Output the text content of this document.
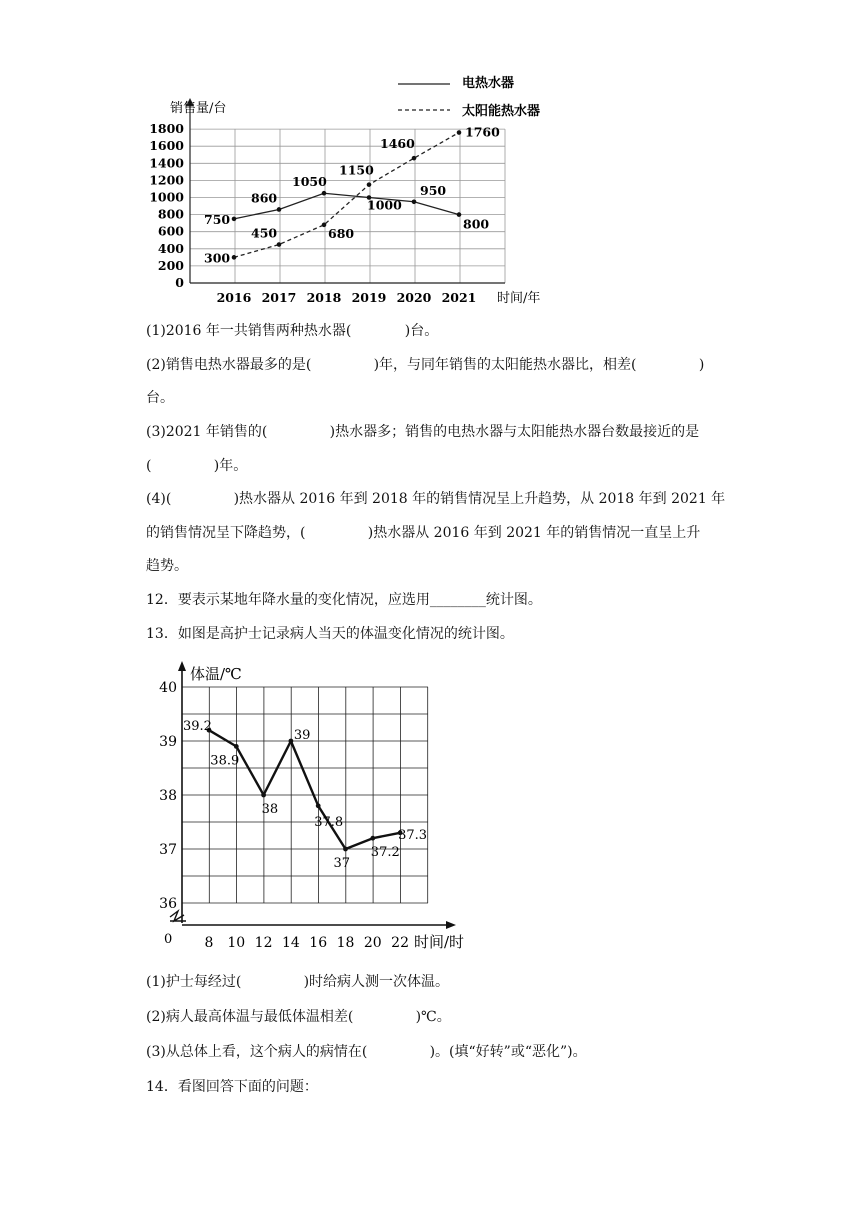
销售量/台
时间/年
0
200
400
600
800
1000
1200
1400
1600
1800
2016 2017 2018 2019 2020 2021
750
860
1050
1000
950
800
300
450	680
1150
1460
1760
电热水器
太阳能热水器
(1)2016 年一共销售两种热水器(            )台。
(2)销售电热水器最多的是(              )年，与同年销售的太阳能热水器比，相差(              )
台。
(3)2021 年销售的(              )热水器多；销售的电热水器与太阳能热水器台数最接近的是
(              )年。
(4)(              )热水器从 2016 年到 2018 年的销售情况呈上升趋势，从 2018 年到 2021 年
的销售情况呈下降趋势，(              )热水器从 2016 年到 2021 年的销售情况一直呈上升
趋势。
12．要表示某地年降水量的变化情况，应选用________统计图。
13．如图是高护士记录病人当天的体温变化情况的统计图。
体温/℃
时间/时
0
36
37
38
39
40
8 10 12 14 16 18 20 22
39.2
38.9
38
39
37.8
37
37.2
37.3
(1)护士每经过(              )时给病人测一次体温。
(2)病人最高体温与最低体温相差(              )℃。
(3)从总体上看，这个病人的病情在(              )。(填“好转”或“恶化”)。
14．看图回答下面的问题：
